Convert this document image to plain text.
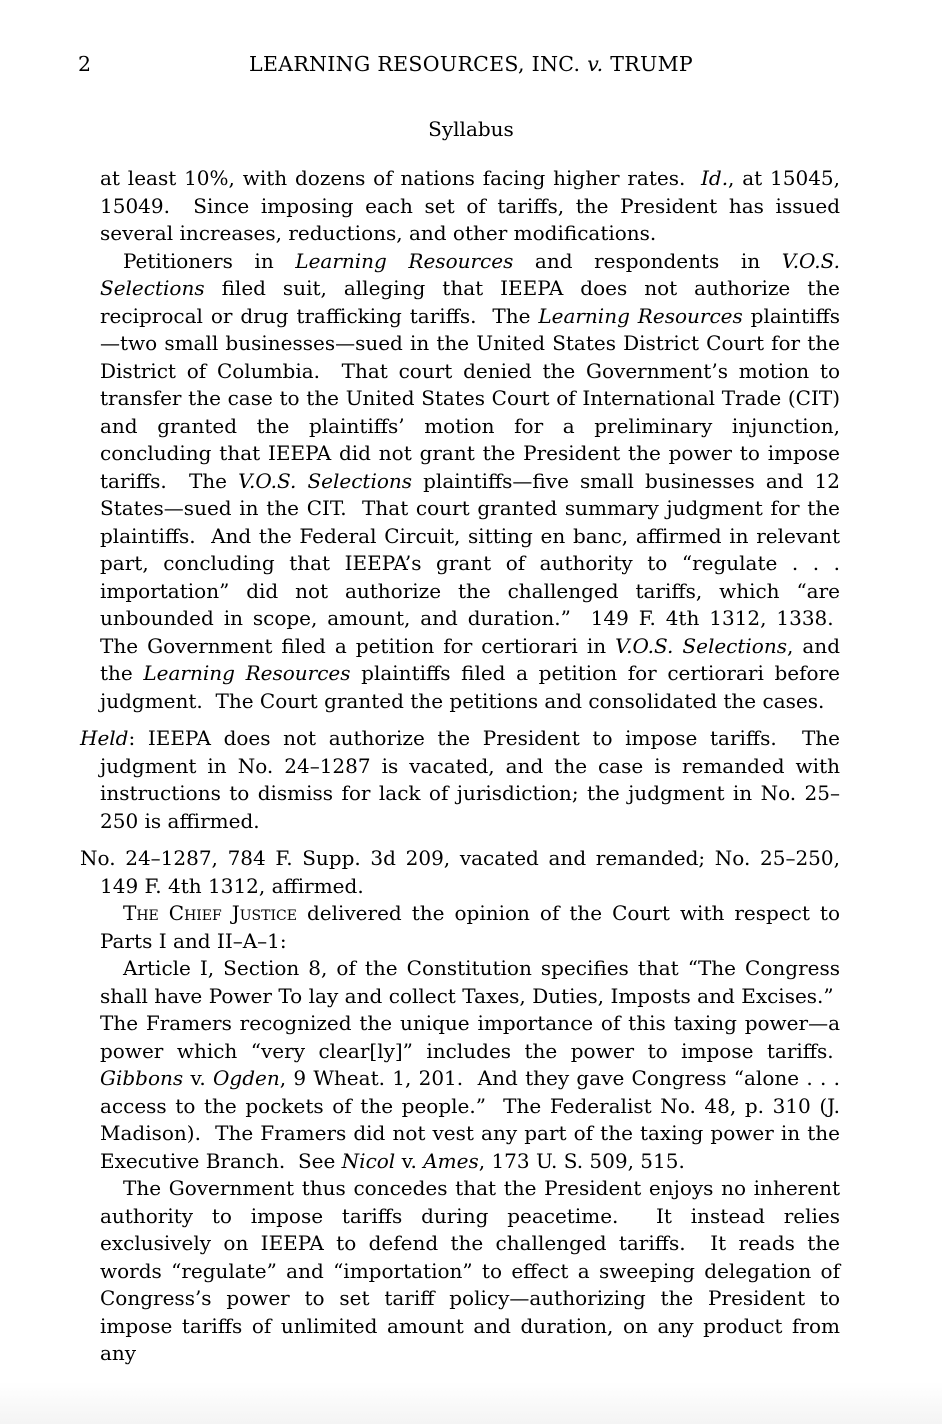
2	LEARNING RESOURCES, INC. v. TRUMP
Syllabus

at least 10%, with dozens of nations facing higher rates.  Id., at 15045, 15049.  Since imposing each set of tariffs, the President has issued several increases, reductions, and other modifications.

Petitioners in Learning Resources and respondents in V.O.S. Selections filed suit, alleging that IEEPA does not authorize the reciprocal or drug trafficking tariffs.  The Learning Resources plaintiffs—two small businesses—sued in the United States District Court for the District of Columbia.  That court denied the Government’s motion to transfer the case to the United States Court of International Trade (CIT) and granted the plaintiffs’ motion for a preliminary injunction, concluding that IEEPA did not grant the President the power to impose tariffs.  The V.O.S. Selections plaintiffs—five small businesses and 12 States—sued in the CIT.  That court granted summary judgment for the plaintiffs.  And the Federal Circuit, sitting en banc, affirmed in relevant part, concluding that IEEPA’s grant of authority to “regulate . . . importation” did not authorize the challenged tariffs, which “are unbounded in scope, amount, and duration.”  149 F. 4th 1312, 1338.  The Government filed a petition for certiorari in V.O.S. Selections, and the Learning Resources plaintiffs filed a petition for certiorari before judgment.  The Court granted the petitions and consolidated the cases.

Held: IEEPA does not authorize the President to impose tariffs.  The judgment in No. 24–1287 is vacated, and the case is remanded with instructions to dismiss for lack of jurisdiction; the judgment in No. 25–250 is affirmed.

No. 24–1287, 784 F. Supp. 3d 209, vacated and remanded; No. 25–250, 149 F. 4th 1312, affirmed.

The Chief Justice delivered the opinion of the Court with respect to Parts I and II–A–1:

Article I, Section 8, of the Constitution specifies that “The Congress shall have Power To lay and collect Taxes, Duties, Imposts and Excises.”  The Framers recognized the unique importance of this taxing power—a power which “very clear[ly]” includes the power to impose tariffs.  Gibbons v. Ogden, 9 Wheat. 1, 201.  And they gave Congress “alone . . . access to the pockets of the people.”  The Federalist No. 48, p. 310 (J. Madison).  The Framers did not vest any part of the taxing power in the Executive Branch.  See Nicol v. Ames, 173 U. S. 509, 515.

The Government thus concedes that the President enjoys no inherent authority to impose tariffs during peacetime.  It instead relies exclusively on IEEPA to defend the challenged tariffs.  It reads the words “regulate” and “importation” to effect a sweeping delegation of Congress’s power to set tariff policy—authorizing the President to impose tariffs of unlimited amount and duration, on any product from any
